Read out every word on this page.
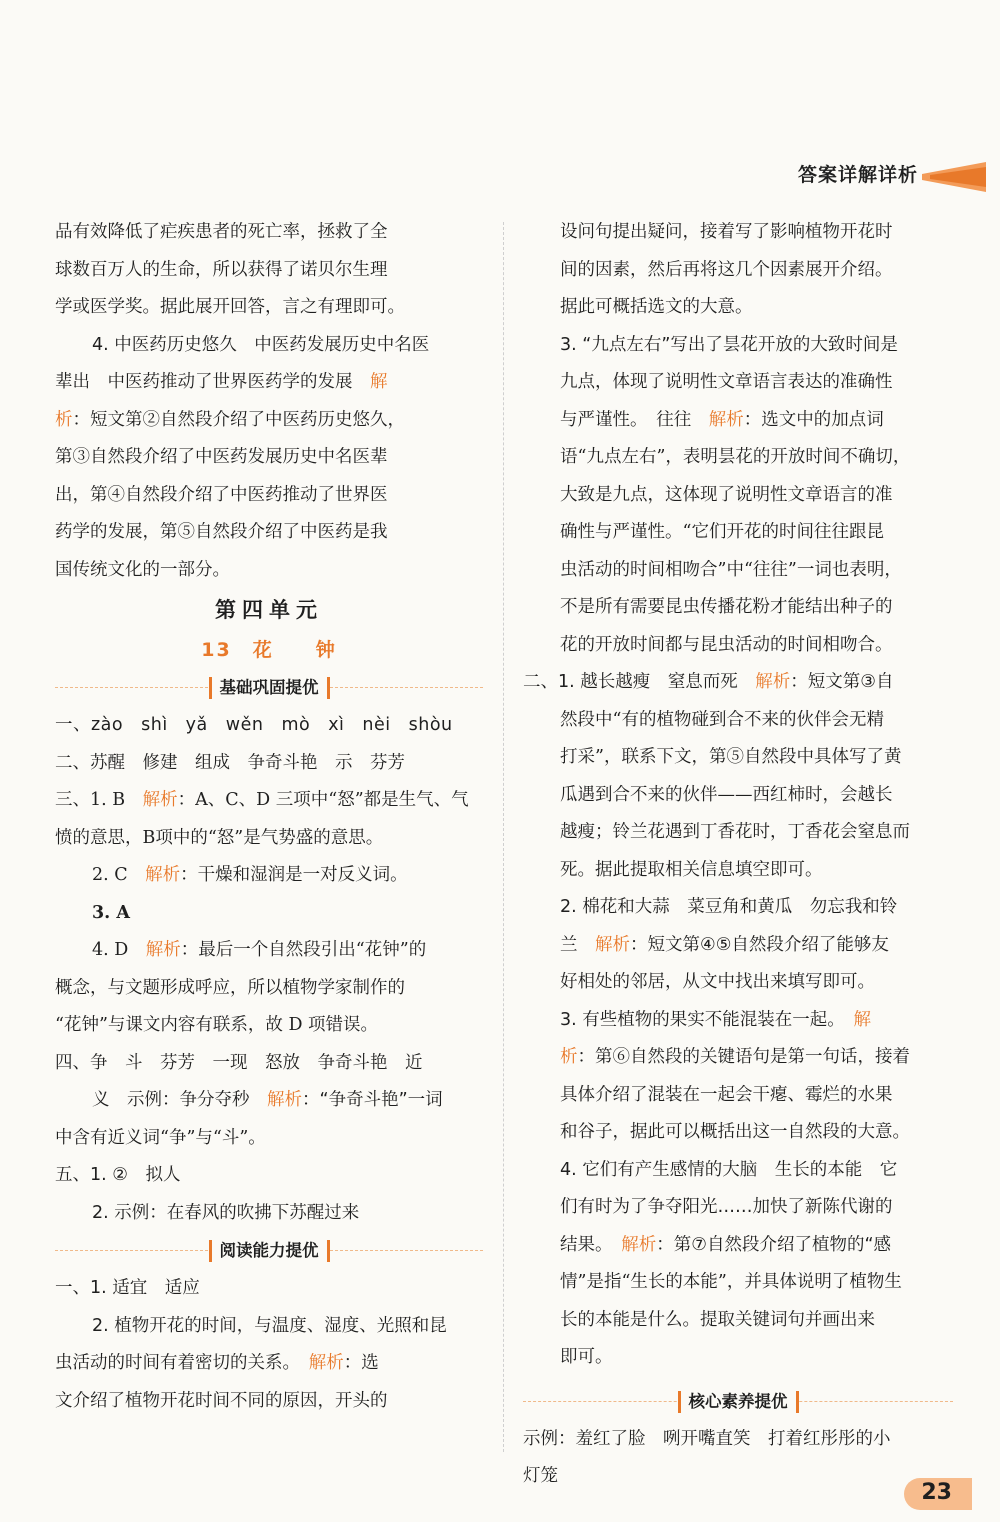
答案详解详析
品有效降低了疟疾患者的死亡率，拯救了全
球数百万人的生命，所以获得了诺贝尔生理
学或医学奖。据此展开回答，言之有理即可。
4. 中医药历史悠久　中医药发展历史中名医
辈出　中医药推动了世界医药学的发展　解
析：短文第②自然段介绍了中医药历史悠久，
第③自然段介绍了中医药发展历史中名医辈
出，第④自然段介绍了中医药推动了世界医
药学的发展，第⑤自然段介绍了中医药是我
国传统文化的一部分。
第四单元
13　花　　钟
基础巩固提优
一、zào　shì　yǎ　wěn　mò　xì　nèi　shòu
二、苏醒　修建　组成　争奇斗艳　示　芬芳
三、1. B　解析：A、C、D 三项中“怒”都是生气、气
愤的意思，B项中的“怒”是气势盛的意思。
2. C　解析：干燥和湿润是一对反义词。
3. A
4. D　解析：最后一个自然段引出“花钟”的
概念，与文题形成呼应，所以植物学家制作的
“花钟”与课文内容有联系，故 D 项错误。
四、争　斗　芬芳　一现　怒放　争奇斗艳　近
义　示例：争分夺秒　解析：“争奇斗艳”一词
中含有近义词“争”与“斗”。
五、1. ②　拟人
2. 示例：在春风的吹拂下苏醒过来
阅读能力提优
一、1. 适宜　适应
2. 植物开花的时间，与温度、湿度、光照和昆
虫活动的时间有着密切的关系。　解析：选
文介绍了植物开花时间不同的原因，开头的
设问句提出疑问，接着写了影响植物开花时
间的因素，然后再将这几个因素展开介绍。
据此可概括选文的大意。
3. “九点左右”写出了昙花开放的大致时间是
九点，体现了说明性文章语言表达的准确性
与严谨性。　往往　解析：选文中的加点词
语“九点左右”，表明昙花的开放时间不确切，
大致是九点，这体现了说明性文章语言的准
确性与严谨性。“它们开花的时间往往跟昆
虫活动的时间相吻合”中“往往”一词也表明，
不是所有需要昆虫传播花粉才能结出种子的
花的开放时间都与昆虫活动的时间相吻合。
二、1. 越长越瘦　窒息而死　解析：短文第③自
然段中“有的植物碰到合不来的伙伴会无精
打采”，联系下文，第⑤自然段中具体写了黄
瓜遇到合不来的伙伴——西红柿时，会越长
越瘦；铃兰花遇到丁香花时，丁香花会窒息而
死。据此提取相关信息填空即可。
2. 棉花和大蒜　菜豆角和黄瓜　勿忘我和铃
兰　解析：短文第④⑤自然段介绍了能够友
好相处的邻居，从文中找出来填写即可。
3. 有些植物的果实不能混装在一起。　解
析：第⑥自然段的关键语句是第一句话，接着
具体介绍了混装在一起会干瘪、霉烂的水果
和谷子，据此可以概括出这一自然段的大意。
4. 它们有产生感情的大脑　生长的本能　它
们有时为了争夺阳光……加快了新陈代谢的
结果。　解析：第⑦自然段介绍了植物的“感
情”是指“生长的本能”，并具体说明了植物生
长的本能是什么。提取关键词句并画出来
即可。
核心素养提优
示例：羞红了脸　咧开嘴直笑　打着红彤彤的小
灯笼
23
